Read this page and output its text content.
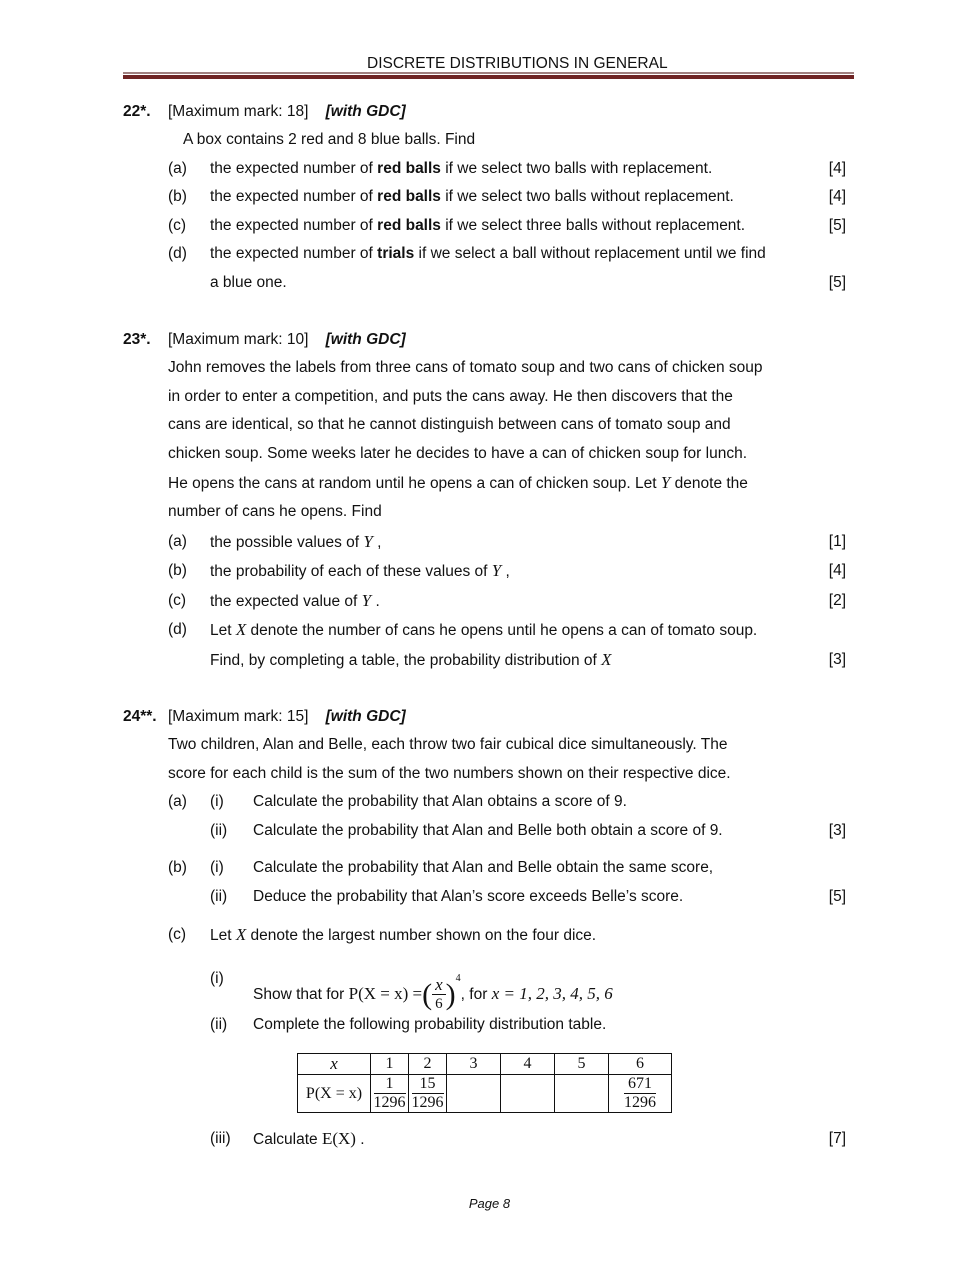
DISCRETE DISTRIBUTIONS IN GENERAL
22*. [Maximum mark: 18] [with GDC]
A box contains 2 red and 8 blue balls. Find
(a) the expected number of red balls if we select two balls with replacement.	[4]
(b) the expected number of red balls if we select two balls without replacement.	[4]
(c) the expected number of red balls if we select three balls without replacement.	[5]
(d) the expected number of trials if we select a ball without replacement until we find
a blue one.	[5]
23*. [Maximum mark: 10] [with GDC]
John removes the labels from three cans of tomato soup and two cans of chicken soup
in order to enter a competition, and puts the cans away. He then discovers that the
cans are identical, so that he cannot distinguish between cans of tomato soup and
chicken soup. Some weeks later he decides to have a can of chicken soup for lunch.
He opens the cans at random until he opens a can of chicken soup. Let Y denote the
number of cans he opens. Find
(a) the possible values of Y ,	[1]
(b) the probability of each of these values of Y ,	[4]
(c) the expected value of Y .	[2]
(d) Let X denote the number of cans he opens until he opens a can of tomato soup.
Find, by completing a table, the probability distribution of X	[3]
24**. [Maximum mark: 15] [with GDC]
Two children, Alan and Belle, each throw two fair cubical dice simultaneously. The
score for each child is the sum of the two numbers shown on their respective dice.
(a) (i) Calculate the probability that Alan obtains a score of 9.
(ii) Calculate the probability that Alan and Belle both obtain a score of 9.	[3]
(b) (i) Calculate the probability that Alan and Belle obtain the same score,
(ii) Deduce the probability that Alan’s score exceeds Belle’s score.	[5]
(c) Let X denote the largest number shown on the four dice.
(i)
Show that for P(X = x) =( $\frac{x}{6} )^4$, for x = 1, 2, 3, 4, 5, 6
(ii) Complete the following probability distribution table.
x	1	2	3	4	5	6
P(X = x)	$\frac{1}{1296}$	$\frac{15}{1296}$				$\frac{671}{1296}$
(iii) Calculate E(X) .	[7]
Page 8
